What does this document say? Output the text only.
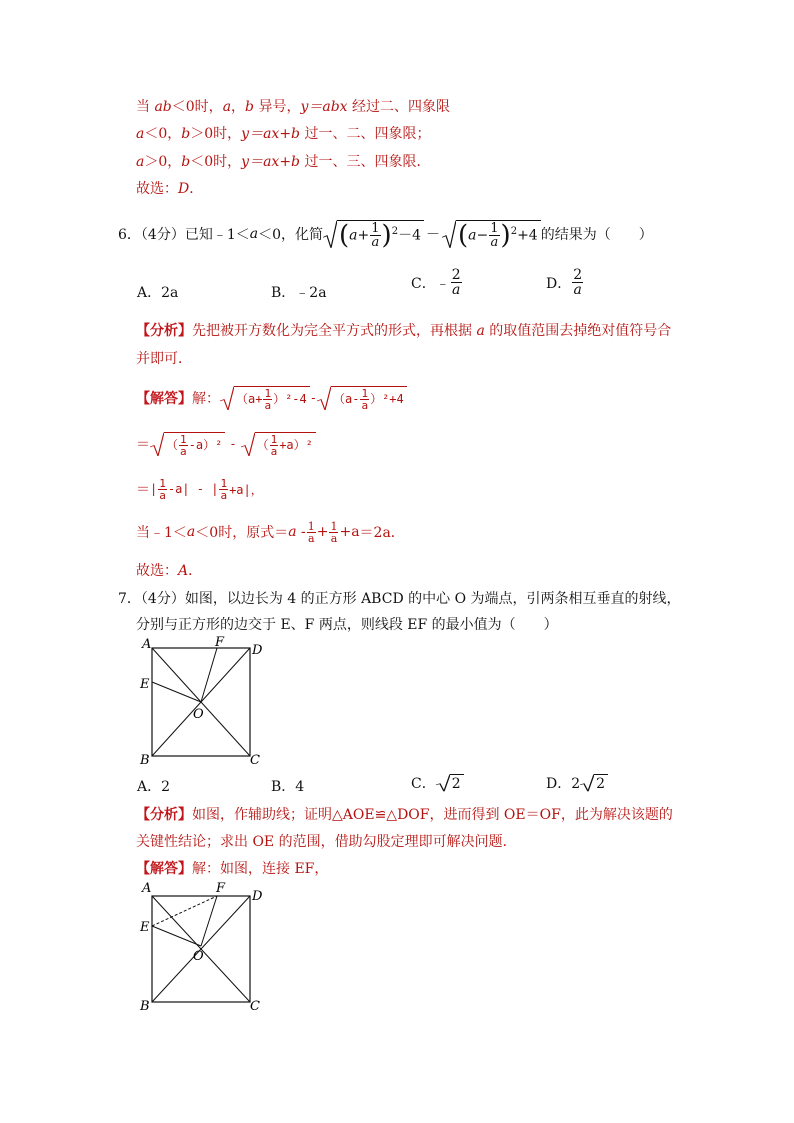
当 ab＜0时，a，b 异号，y＝abx 经过二、四象限
a＜0，b＞0时，y＝ax+b 过一、二、四象限；
a＞0，b＜0时，y＝ax+b 过一、三、四象限．
故选：D．
6．（4分）已知﹣1＜ a ＜0，化简 $(a+ \frac{1}{a} )^2-4 - (a- \frac{1}{a} )^2+4$ 的结果为（　　）
A．2a	B．﹣2a
C．﹣ $\frac{2}{a}$	D． $\frac{2}{a}$
【分析】先把被开方数化为完全平方式的形式，再根据 a 的取值范围去掉绝对值符号合
并即可．
【解答】 解：	$(a+ \frac{1}{a} )^2-4$ -	$(a- \frac{1}{a} )^2+4$
＝	（ $\frac{1}{a} -a)^2$ -	（ $\frac{1}{a} +a)^2$
＝ | $\frac{1}{a} -a|$ - | $\frac{1}{a} +a|$，
当﹣1＜ a ＜0时，原式＝ $a - \frac{1}{a} + \frac{1}{a} +a =2a$．
故选：A．
7．（4分）如图，以边长为 4 的正方形 ABCD 的中心 O 为端点，引两条相互垂直的射线，
分别与正方形的边交于 E、F 两点，则线段 EF 的最小值为（　　）
A	F
D
E
O
B	C
A．2	B．4	C．	2	D．2	2
【分析】如图，作辅助线；证明△AOE≌△DOF，进而得到 OE＝OF，此为解决该题的
关键性结论；求出 OE 的范围，借助勾股定理即可解决问题．
【解答】解：如图，连接 EF，
A	F
D
E
O
B	C
